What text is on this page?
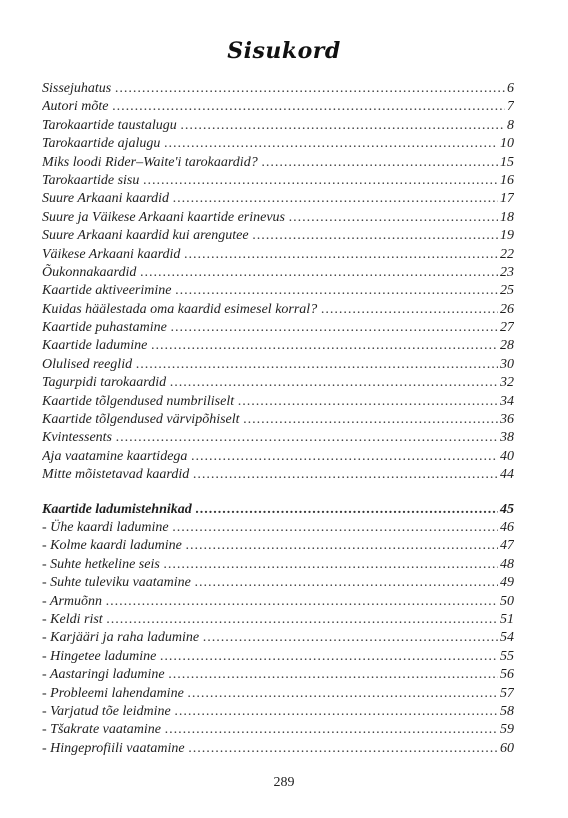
Sisukord
Sissejuhatus .....	6
Autori mõte .....	7
Tarokaartide taustalugu .....	8
Tarokaartide ajalugu .....	10
Miks loodi Rider–Waite'i tarokaardid? .....	15
Tarokaartide sisu .....	16
Suure Arkaani kaardid .....	17
Suure ja Väikese Arkaani kaartide erinevus .....	18
Suure Arkaani kaardid kui arengutee .....	19
Väikese Arkaani kaardid .....	22
Õukonnakaardid .....	23
Kaartide aktiveerimine .....	25
Kuidas häälestada oma kaardid esimesel korral? .....	26
Kaartide puhastamine .....	27
Kaartide ladumine .....	28
Olulised reeglid .....	30
Tagurpidi tarokaardid .....	32
Kaartide tõlgendused numbriliselt .....	34
Kaartide tõlgendused värvipõhiselt .....	36
Kvintessents .....	38
Aja vaatamine kaartidega .....	40
Mitte mõistetavad kaardid .....	44
Kaartide ladumistehnikad .....	45
- Ühe kaardi ladumine .....	46
- Kolme kaardi ladumine .....	47
- Suhte hetkeline seis .....	48
- Suhte tuleviku vaatamine .....	49
- Armuõnn .....	50
- Keldi rist .....	51
- Karjääri ja raha ladumine .....	54
- Hingetee ladumine .....	55
- Aastaringi ladumine .....	56
- Probleemi lahendamine .....	57
- Varjatud tõe leidmine .....	58
- Tšakrate vaatamine .....	59
- Hingeprofiili vaatamine .....	60
289
